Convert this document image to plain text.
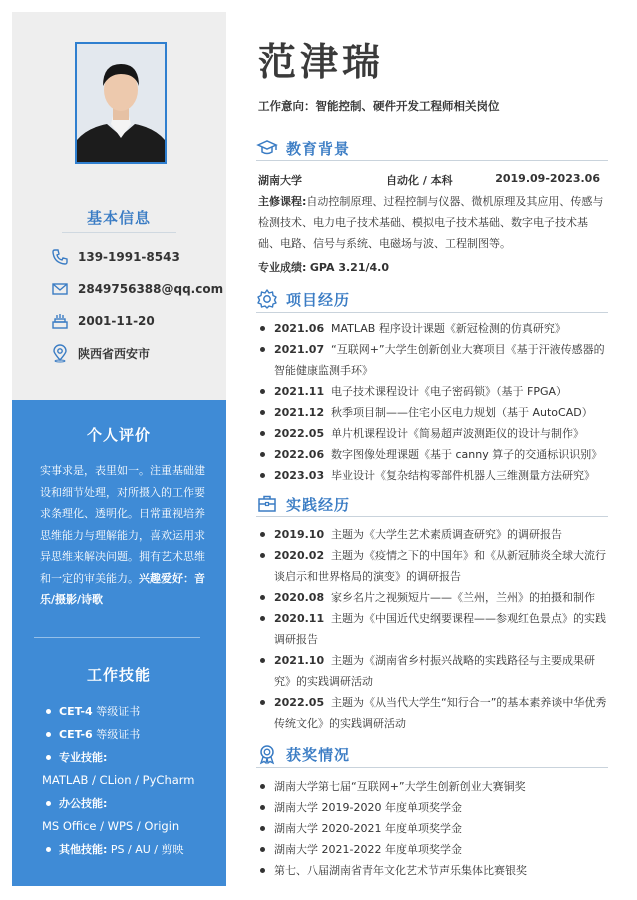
基本信息
139-1991-8543
2849756388@qq.com
2001-11-20
陕西省西安市
个人评价
实事求是，表里如一。注重基础建设和细节处理，对所摄入的工作要求条理化、透明化。日常重视培养思维能力与理解能力，喜欢运用求异思维来解决问题。拥有艺术思维和一定的审美能力。兴趣爱好：音乐/摄影/诗歌
工作技能
CET-4 等级证书
CET-6 等级证书
专业技能:
MATLAB / CLion / PyCharm
办公技能:
MS Office / WPS / Origin
其他技能: PS / AU / 剪映
范津瑞
工作意向：智能控制、硬件开发工程师相关岗位
教育背景
湖南大学	自动化 / 本科	2019.09-2023.06
主修课程:自动控制原理、过程控制与仪器、微机原理及其应用、传感与检测技术、电力电子技术基础、模拟电子技术基础、数字电子技术基础、电路、信号与系统、电磁场与波、工程制图等。
专业成绩: GPA 3.21/4.0
项目经历
2021.06 MATLAB 程序设计课题《新冠检测的仿真研究》
2021.07 “互联网+”大学生创新创业大赛项目《基于汗液传感器的智能健康监测手环》
2021.11 电子技术课程设计《电子密码锁》（基于 FPGA）
2021.12 秋季项目制——住宅小区电力规划（基于 AutoCAD）
2022.05 单片机课程设计《简易超声波测距仪的设计与制作》
2022.06 数字图像处理课题《基于 canny 算子的交通标识识别》
2023.03 毕业设计《复杂结构零部件机器人三维测量方法研究》
实践经历
2019.10 主题为《大学生艺术素质调查研究》的调研报告
2020.02 主题为《疫情之下的中国年》和《从新冠肺炎全球大流行谈启示和世界格局的演变》的调研报告
2020.08 家乡名片之视频短片——《兰州，兰州》的拍摄和制作
2020.11 主题为《中国近代史纲要课程——参观红色景点》的实践调研报告
2021.10 主题为《湖南省乡村振兴战略的实践路径与主要成果研究》的实践调研活动
2022.05 主题为《从当代大学生“知行合一”的基本素养谈中华优秀传统文化》的实践调研活动
获奖情况
湖南大学第七届“互联网+”大学生创新创业大赛铜奖
湖南大学 2019-2020 年度单项奖学金
湖南大学 2020-2021 年度单项奖学金
湖南大学 2021-2022 年度单项奖学金
第七、八届湖南省青年文化艺术节声乐集体比赛银奖
